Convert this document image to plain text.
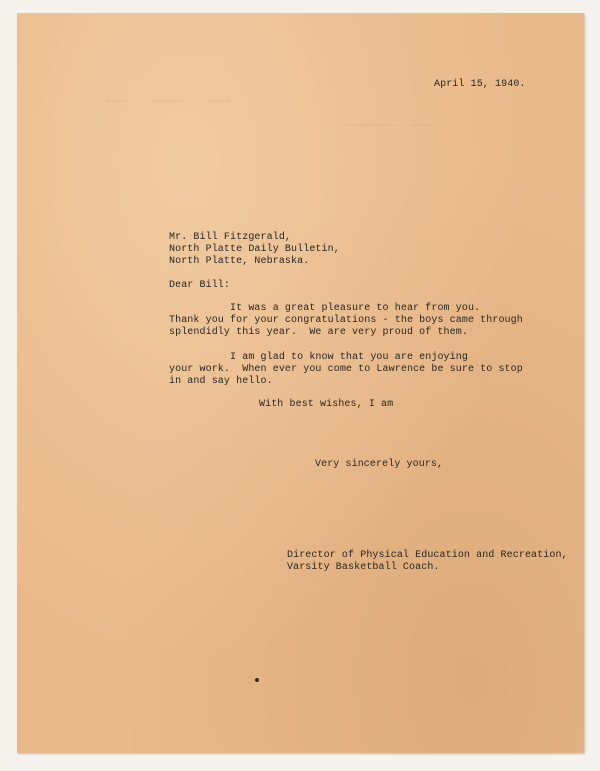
~~~~    ~~~~~~     ~~~~
~~~~~~~~~   ~~~~
April 15, 1940.
Mr. Bill Fitzgerald,
North Platte Daily Bulletin,
North Platte, Nebraska.
Dear Bill:
It was a great pleasure to hear from you.
Thank you for your congratulations - the boys came through
splendidly this year.  We are very proud of them.
I am glad to know that you are enjoying
your work.  When ever you come to Lawrence be sure to stop
in and say hello.
With best wishes, I am
Very sincerely yours,
Director of Physical Education and Recreation,
Varsity Basketball Coach.
